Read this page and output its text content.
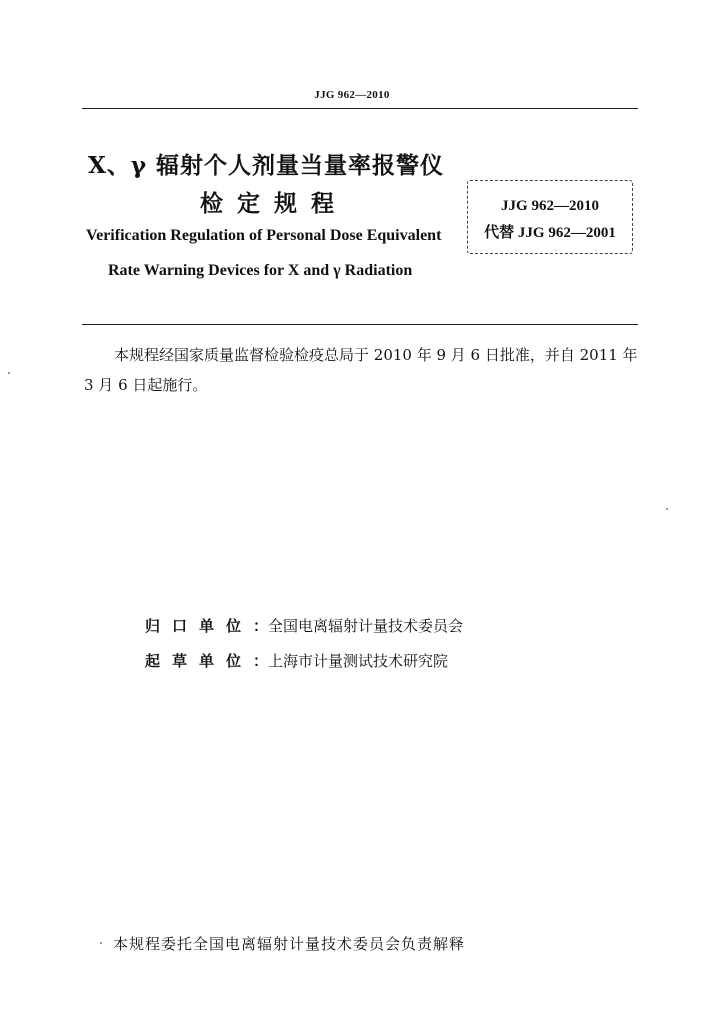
JJG 962—2010
X、γ 辐射个人剂量当量率报警仪
检定规程
Verification Regulation of Personal Dose Equivalent
Rate Warning Devices for X and γ Radiation
JJG 962—2010
代替 JJG 962—2001
本规程经国家质量监督检验检疫总局于 2010 年 9 月 6 日批准，并自 2011 年 3 月 6 日起施行。
归口单位：全国电离辐射计量技术委员会
起草单位：上海市计量测试技术研究院
本规程委托全国电离辐射计量技术委员会负责解释
